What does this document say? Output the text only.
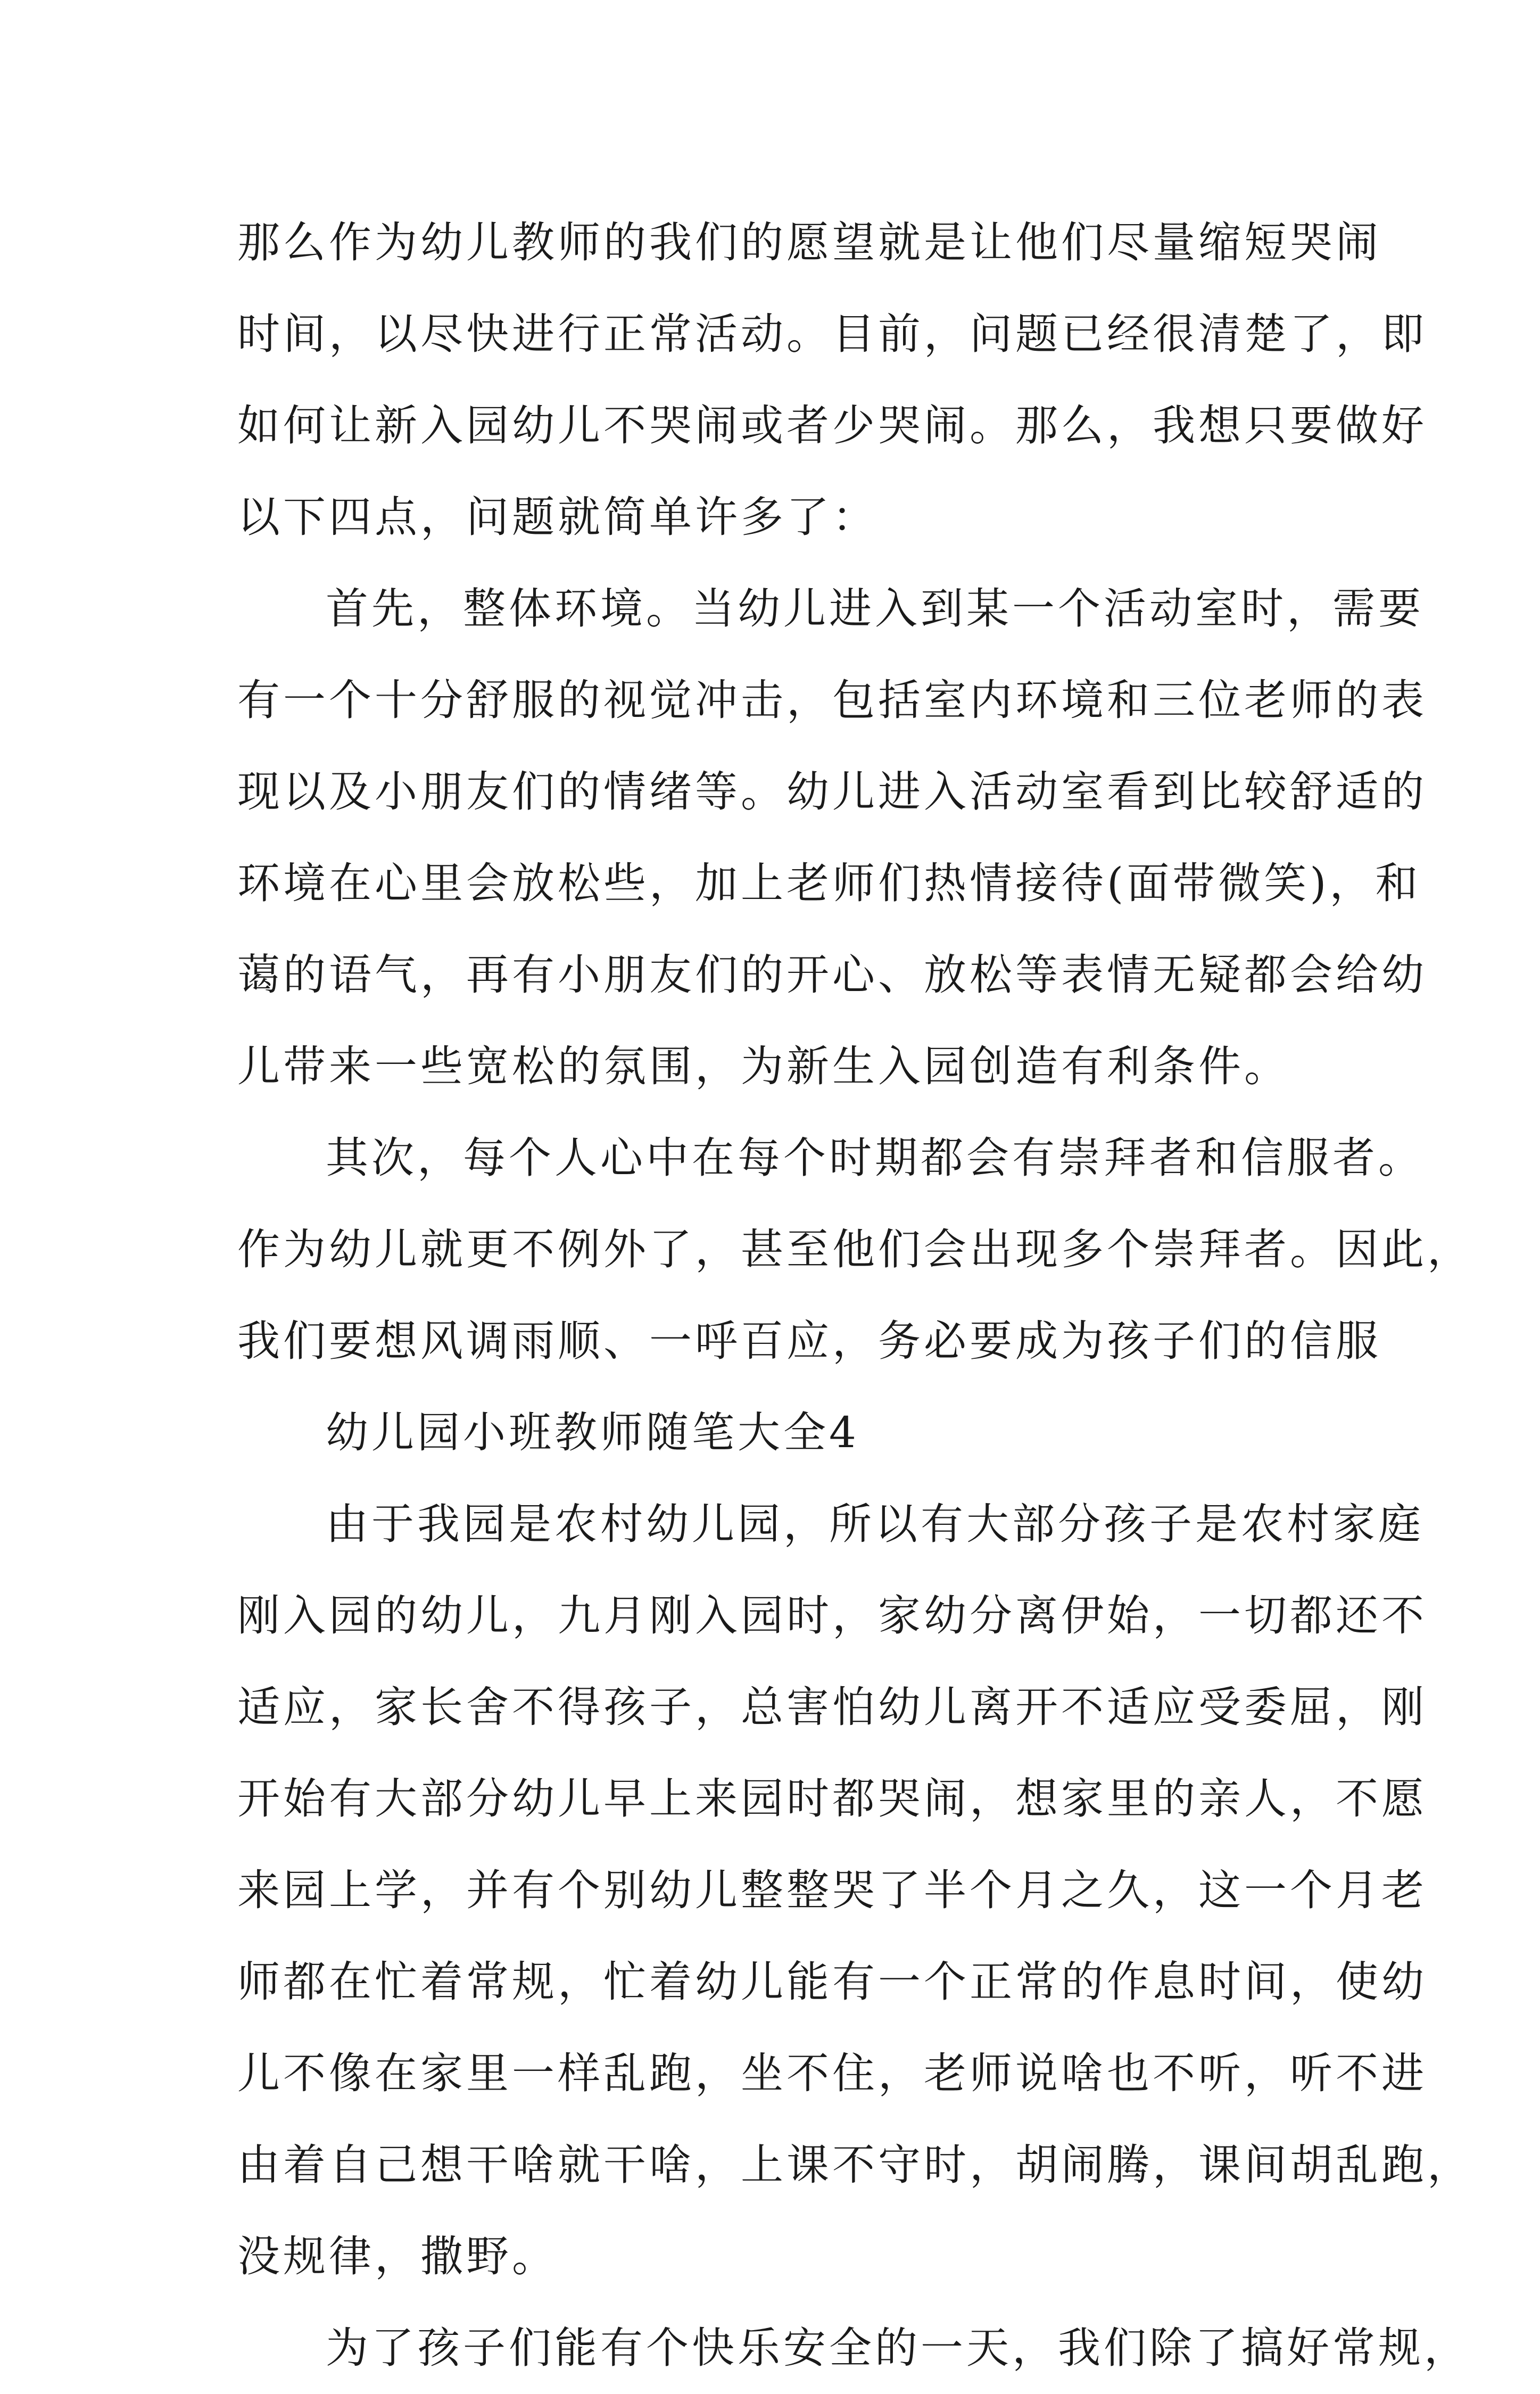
那么作为幼儿教师的我们的愿望就是让他们尽量缩短哭闹
时间，以尽快进行正常活动。目前，问题已经很清楚了，即
如何让新入园幼儿不哭闹或者少哭闹。那么，我想只要做好
以下四点，问题就简单许多了：
首先，整体环境。当幼儿进入到某一个活动室时，需要
有一个十分舒服的视觉冲击，包括室内环境和三位老师的表
现以及小朋友们的情绪等。幼儿进入活动室看到比较舒适的
环境在心里会放松些，加上老师们热情接待(面带微笑)，和
蔼的语气，再有小朋友们的开心、放松等表情无疑都会给幼
儿带来一些宽松的氛围，为新生入园创造有利条件。
其次，每个人心中在每个时期都会有崇拜者和信服者。
作为幼儿就更不例外了，甚至他们会出现多个崇拜者。因此，
我们要想风调雨顺、一呼百应，务必要成为孩子们的信服
幼儿园小班教师随笔大全4
由于我园是农村幼儿园，所以有大部分孩子是农村家庭
刚入园的幼儿，九月刚入园时，家幼分离伊始，一切都还不
适应，家长舍不得孩子，总害怕幼儿离开不适应受委屈，刚
开始有大部分幼儿早上来园时都哭闹，想家里的亲人，不愿
来园上学，并有个别幼儿整整哭了半个月之久，这一个月老
师都在忙着常规，忙着幼儿能有一个正常的作息时间，使幼
儿不像在家里一样乱跑，坐不住，老师说啥也不听，听不进
由着自己想干啥就干啥，上课不守时，胡闹腾，课间胡乱跑，
没规律，撒野。
为了孩子们能有个快乐安全的一天，我们除了搞好常规，
